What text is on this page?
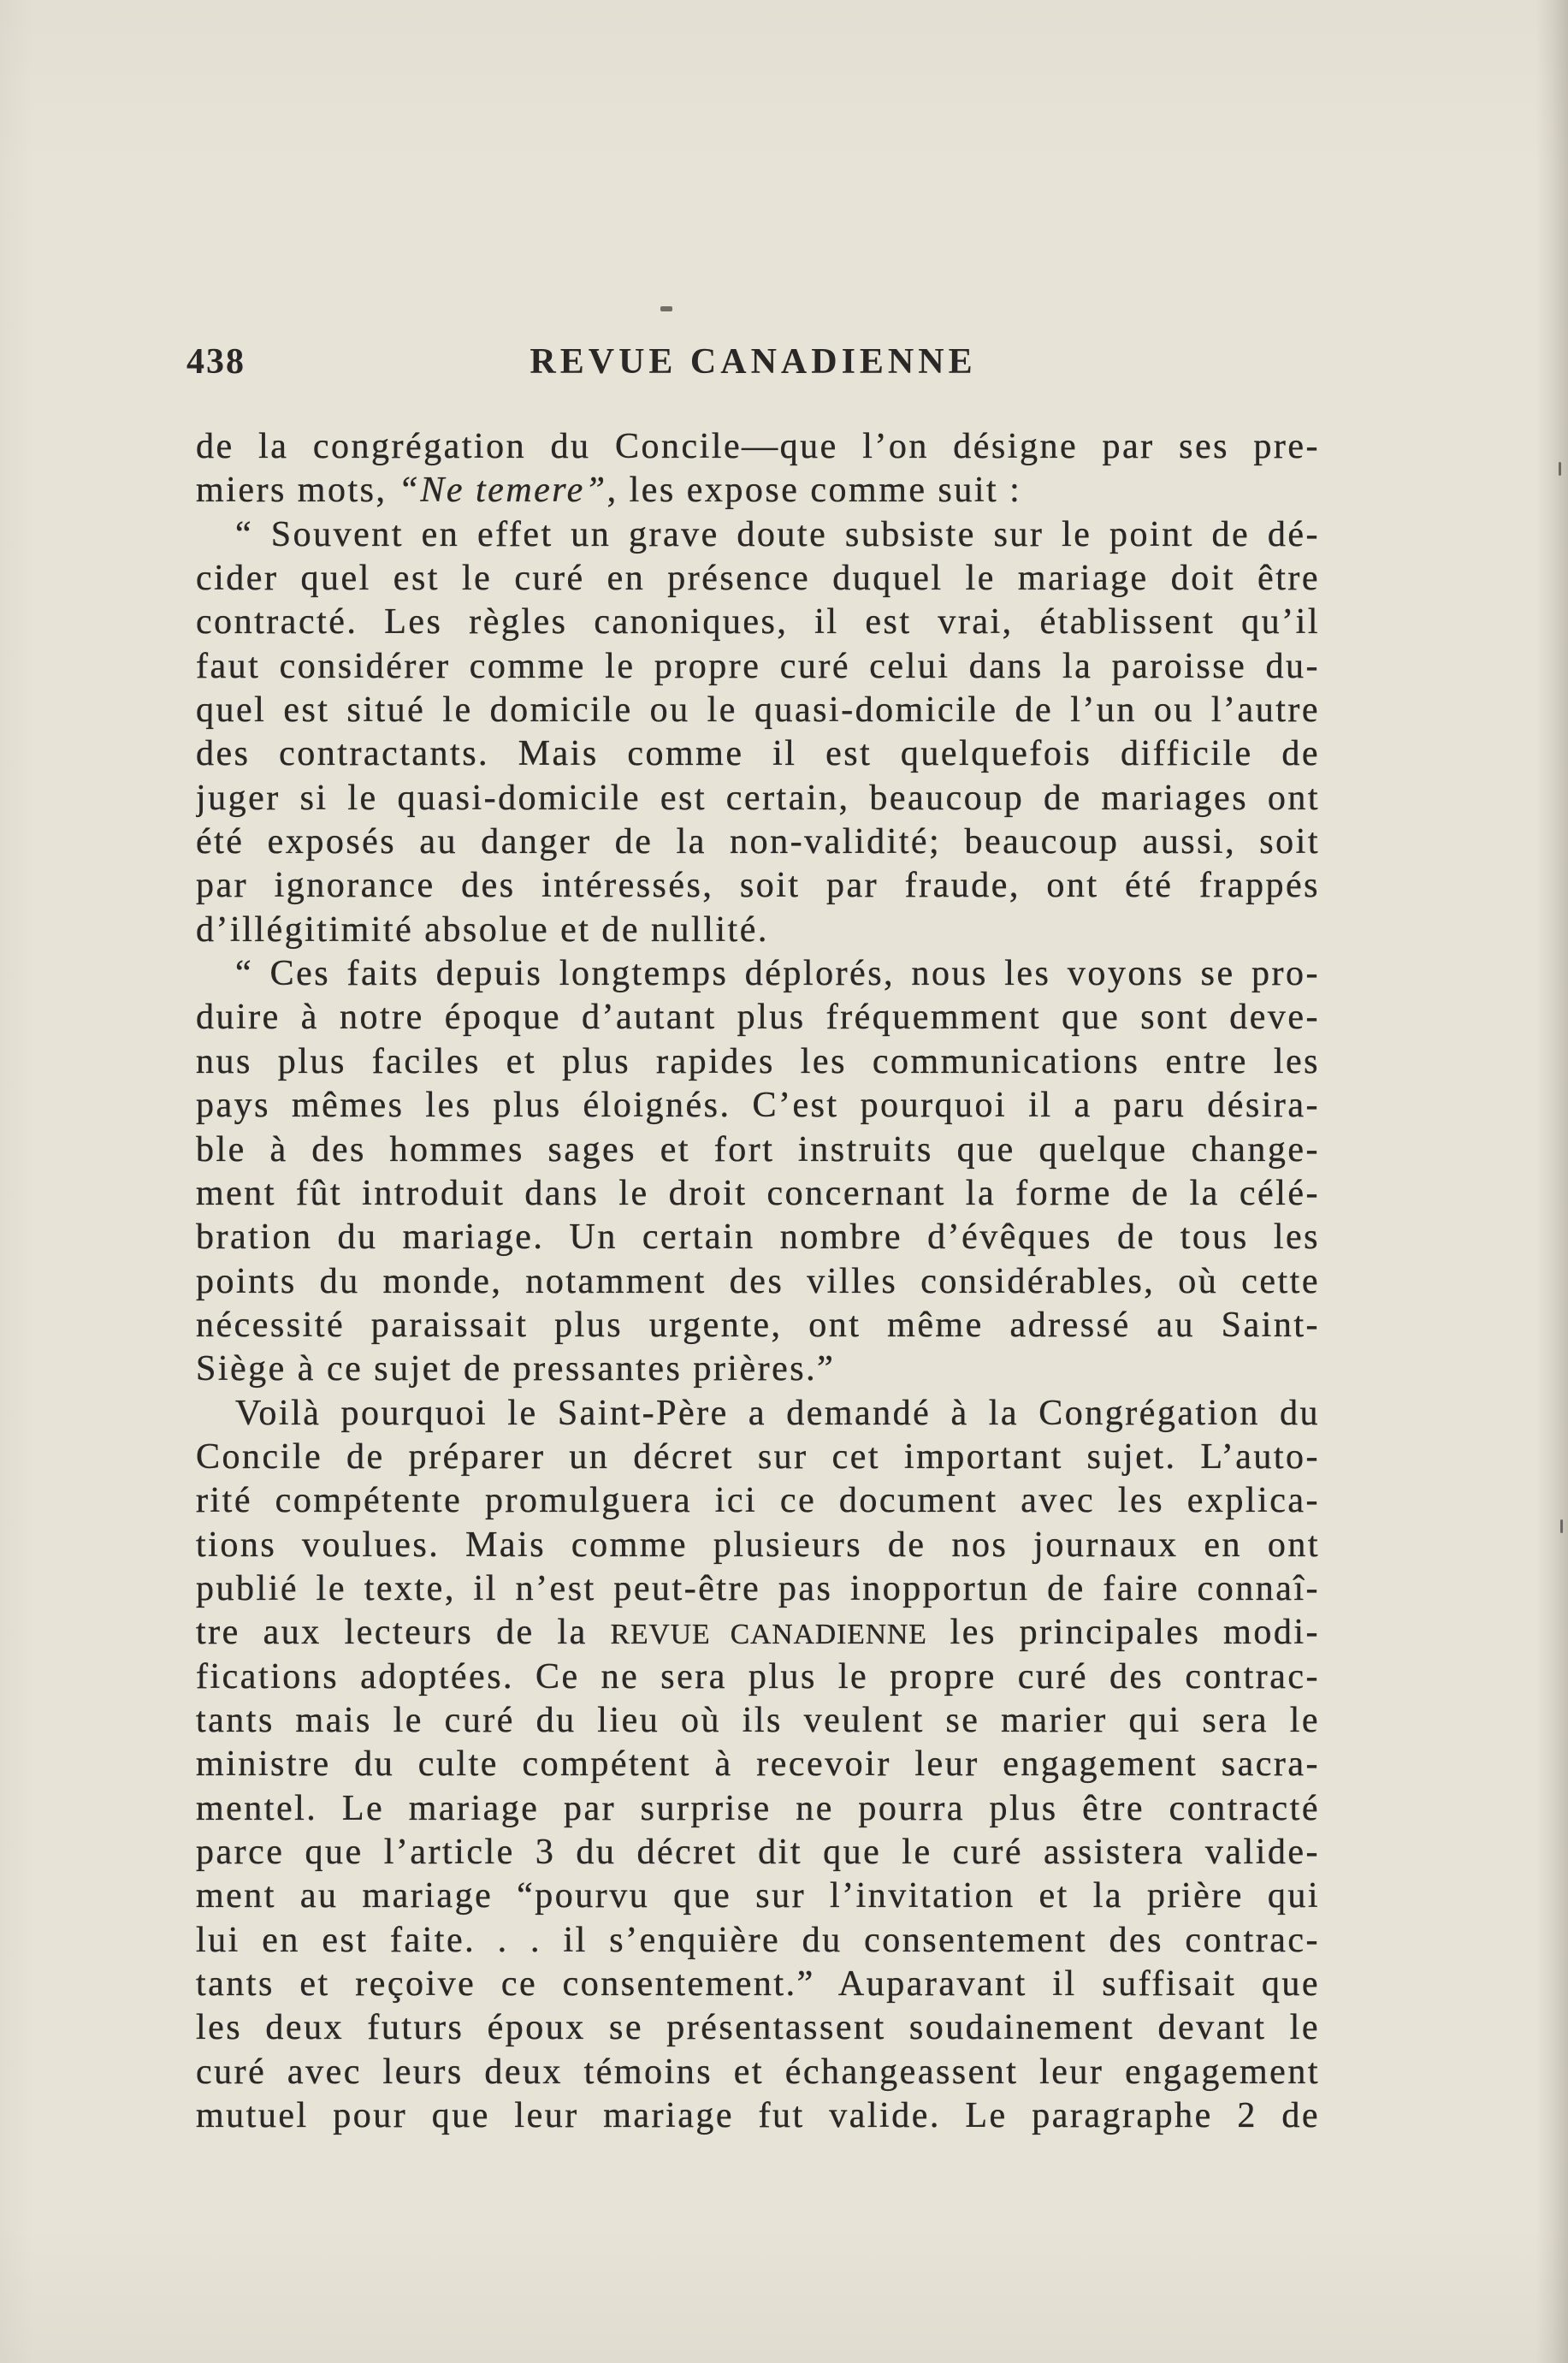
438	REVUE CANADIENNE
de la congrégation du Concile—que l’on désigne par ses pre-
miers mots, “Ne temere”, les expose comme suit :
“ Souvent en effet un grave doute subsiste sur le point de dé-
cider quel est le curé en présence duquel le mariage doit être
contracté. Les règles canoniques, il est vrai, établissent qu’il
faut considérer comme le propre curé celui dans la paroisse du-
quel est situé le domicile ou le quasi-domicile de l’un ou l’autre
des contractants. Mais comme il est quelquefois difficile de
juger si le quasi-domicile est certain, beaucoup de mariages ont
été exposés au danger de la non-validité; beaucoup aussi, soit
par ignorance des intéressés, soit par fraude, ont été frappés
d’illégitimité absolue et de nullité.
“ Ces faits depuis longtemps déplorés, nous les voyons se pro-
duire à notre époque d’autant plus fréquemment que sont deve-
nus plus faciles et plus rapides les communications entre les
pays mêmes les plus éloignés. C’est pourquoi il a paru désira-
ble à des hommes sages et fort instruits que quelque change-
ment fût introduit dans le droit concernant la forme de la célé-
bration du mariage. Un certain nombre d’évêques de tous les
points du monde, notamment des villes considérables, où cette
nécessité paraissait plus urgente, ont même adressé au Saint-
Siège à ce sujet de pressantes prières.”
Voilà pourquoi le Saint-Père a demandé à la Congrégation du
Concile de préparer un décret sur cet important sujet. L’auto-
rité compétente promulguera ici ce document avec les explica-
tions voulues. Mais comme plusieurs de nos journaux en ont
publié le texte, il n’est peut-être pas inopportun de faire connaî-
tre aux lecteurs de la REVUE CANADIENNE les principales modi-
fications adoptées. Ce ne sera plus le propre curé des contrac-
tants mais le curé du lieu où ils veulent se marier qui sera le
ministre du culte compétent à recevoir leur engagement sacra-
mentel. Le mariage par surprise ne pourra plus être contracté
parce que l’article 3 du décret dit que le curé assistera valide-
ment au mariage “pourvu que sur l’invitation et la prière qui
lui en est faite. . . il s’enquière du consentement des contrac-
tants et reçoive ce consentement.” Auparavant il suffisait que
les deux futurs époux se présentassent soudainement devant le
curé avec leurs deux témoins et échangeassent leur engagement
mutuel pour que leur mariage fut valide. Le paragraphe 2 de
